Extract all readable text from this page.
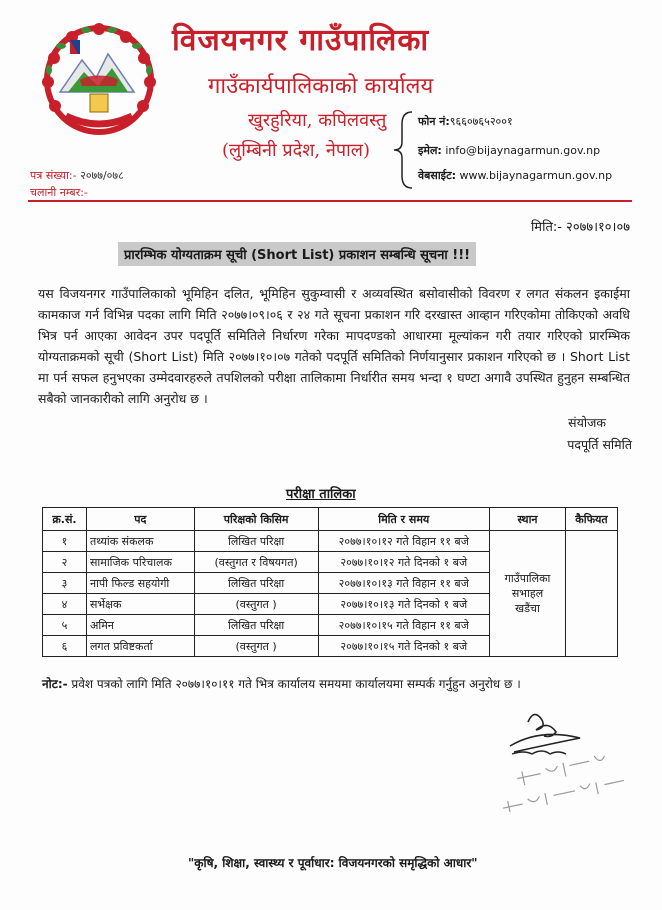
विजयनगर गाउँपालिका
गाउँकार्यपालिकाको कार्यालय
खुरहुरिया, कपिलवस्तु
(लुम्बिनी प्रदेश, नेपाल)
फोन नं:९६६०७६५२००१
इमेल: info@bijaynagarmun.gov.np
वेबसाईट: www.bijaynagarmun.gov.np
पत्र संख्या:- २०७७/०७८
चलानी नम्बर:-
मिति:- २०७७।१०।०७
प्रारम्भिक योग्यताक्रम सूची (Short List) प्रकाशन सम्बन्धि सूचना !!!
यस विजयनगर गाउँपालिकाको भूमिहिन दलित, भूमिहिन सुकुम्वासी र अव्यवस्थित बसोवासीको विवरण र लगत संकलन इकाईमा कामकाज गर्न विभिन्न पदका लागि मिति २०७७।०९।०६ र २४ गते सूचना प्रकाशन गरि दरखास्त आव्हान गरिएकोमा तोकिएको अवधि भित्र पर्न आएका आवेदन उपर पदपूर्ति समितिले निर्धारण गरेका मापदण्डको आधारमा मूल्यांकन गरी तयार गरिएको प्रारम्भिक योग्यताक्रमको सूची (Short List) मिति २०७७।१०।०७ गतेको पदपूर्ति समितिको निर्णयानुसार प्रकाशन गरिएको छ । Short List मा पर्न सफल हनुभएका उम्मेदवारहरुले तपशिलको परीक्षा तालिकामा निर्धारीत समय भन्दा १ घण्टा अगावै उपस्थित हुनुहन सम्बन्धित सबैको जानकारीको लागि अनुरोध छ ।
संयोजक
पदपूर्ति समिति
परीक्षा तालिका
क्र.सं.	पद	परिक्षको किसिम	मिति र समय	स्थान	कैफियत
१	तथ्यांक संकलक	लिखित परिक्षा	२०७७।१०।१२ गते विहान ११ बजे	गाउँपालिका
सभाहल
खडैंचा	

२	सामाजिक परिचालक	(वस्तुगत र विषयगत)	२०७७।१०।१२ गते दिनको १ बजे		
३	नापी फिल्ड सहयोगी	लिखित परिक्षा	२०७७।१०।१३ गते विहान ११ बजे		
४	सर्भेक्षक	(वस्तुगत )	२०७७।१०।१३ गते दिनको १ बजे		
५	अमिन	लिखित परिक्षा	२०७७।१०।१५ गते विहान ११ बजे		
६	लगत प्रविष्टकर्ता	(वस्तुगत )	२०७७।१०।१५ गते दिनको १ बजे		
नोट:- प्रवेश पत्रको लागि मिति २०७७।१०।११ गते भित्र कार्यालय समयमा कार्यालयमा सम्पर्क गर्नुहुन अनुरोध छ ।
"कृषि, शिक्षा, स्वास्थ्य र पूर्वाधार: विजयनगरको समृद्धिको आधार"
